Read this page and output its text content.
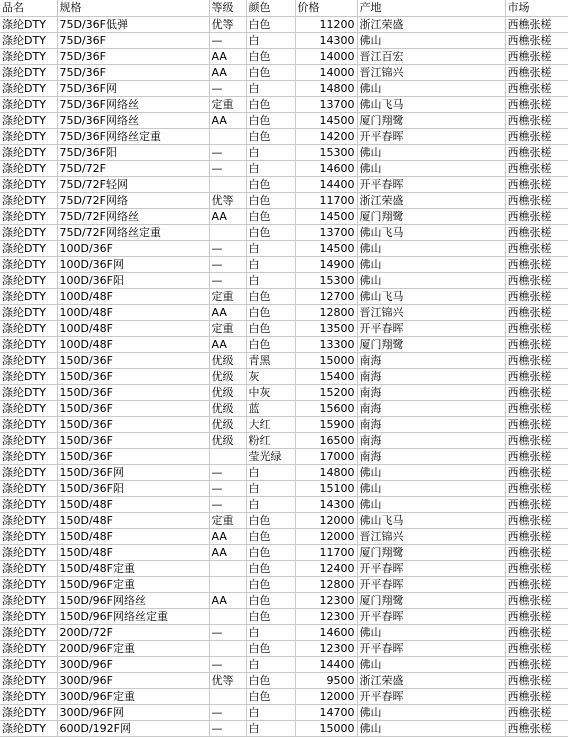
品名	规格	等级	颜色	价格	产地	市场
涤纶DTY	75D/36F低弹	优等	白色	11200	浙江荣盛	西樵张槎
涤纶DTY	75D/36F	—	白	14300	佛山	西樵张槎
涤纶DTY	75D/36F	AA	白色	14000	晋江百宏	西樵张槎
涤纶DTY	75D/36F	AA	白色	14000	晋江锦兴	西樵张槎
涤纶DTY	75D/36F网	—	白	14800	佛山	西樵张槎
涤纶DTY	75D/36F网络丝	定重	白色	13700	佛山飞马	西樵张槎
涤纶DTY	75D/36F网络丝	AA	白色	14500	厦门翔鹭	西樵张槎
涤纶DTY	75D/36F网络丝定重		白色	14200	开平春晖	西樵张槎
涤纶DTY	75D/36F阳	—	白	15300	佛山	西樵张槎
涤纶DTY	75D/72F	—	白	14600	佛山	西樵张槎
涤纶DTY	75D/72F轻网		白色	14400	开平春晖	西樵张槎
涤纶DTY	75D/72F网络	优等	白色	11700	浙江荣盛	西樵张槎
涤纶DTY	75D/72F网络丝	AA	白色	14500	厦门翔鹭	西樵张槎
涤纶DTY	75D/72F网络丝定重		白色	13700	佛山飞马	西樵张槎
涤纶DTY	100D/36F	—	白	14500	佛山	西樵张槎
涤纶DTY	100D/36F网	—	白	14900	佛山	西樵张槎
涤纶DTY	100D/36F阳	—	白	15300	佛山	西樵张槎
涤纶DTY	100D/48F	定重	白色	12700	佛山飞马	西樵张槎
涤纶DTY	100D/48F	AA	白色	12800	晋江锦兴	西樵张槎
涤纶DTY	100D/48F	定重	白色	13500	开平春晖	西樵张槎
涤纶DTY	100D/48F	AA	白色	13300	厦门翔鹭	西樵张槎
涤纶DTY	150D/36F	优级	青黑	15000	南海	西樵张槎
涤纶DTY	150D/36F	优级	灰	15400	南海	西樵张槎
涤纶DTY	150D/36F	优级	中灰	15200	南海	西樵张槎
涤纶DTY	150D/36F	优级	蓝	15600	南海	西樵张槎
涤纶DTY	150D/36F	优级	大红	15900	南海	西樵张槎
涤纶DTY	150D/36F	优级	粉红	16500	南海	西樵张槎
涤纶DTY	150D/36F		莹光绿	17000	南海	西樵张槎
涤纶DTY	150D/36F网	—	白	14800	佛山	西樵张槎
涤纶DTY	150D/36F阳	—	白	15100	佛山	西樵张槎
涤纶DTY	150D/48F	—	白	14300	佛山	西樵张槎
涤纶DTY	150D/48F	定重	白色	12000	佛山飞马	西樵张槎
涤纶DTY	150D/48F	AA	白色	12000	晋江锦兴	西樵张槎
涤纶DTY	150D/48F	AA	白色	11700	厦门翔鹭	西樵张槎
涤纶DTY	150D/48F定重		白色	12400	开平春晖	西樵张槎
涤纶DTY	150D/96F定重		白色	12800	开平春晖	西樵张槎
涤纶DTY	150D/96F网络丝	AA	白色	12300	厦门翔鹭	西樵张槎
涤纶DTY	150D/96F网络丝定重		白色	12300	开平春晖	西樵张槎
涤纶DTY	200D/72F	—	白	14600	佛山	西樵张槎
涤纶DTY	200D/96F定重		白色	12300	开平春晖	西樵张槎
涤纶DTY	300D/96F	—	白	14400	佛山	西樵张槎
涤纶DTY	300D/96F	优等	白色	9500	浙江荣盛	西樵张槎
涤纶DTY	300D/96F定重		白色	12000	开平春晖	西樵张槎
涤纶DTY	300D/96F网	—	白	14700	佛山	西樵张槎
涤纶DTY	600D/192F网	—	白	15000	佛山	西樵张槎
